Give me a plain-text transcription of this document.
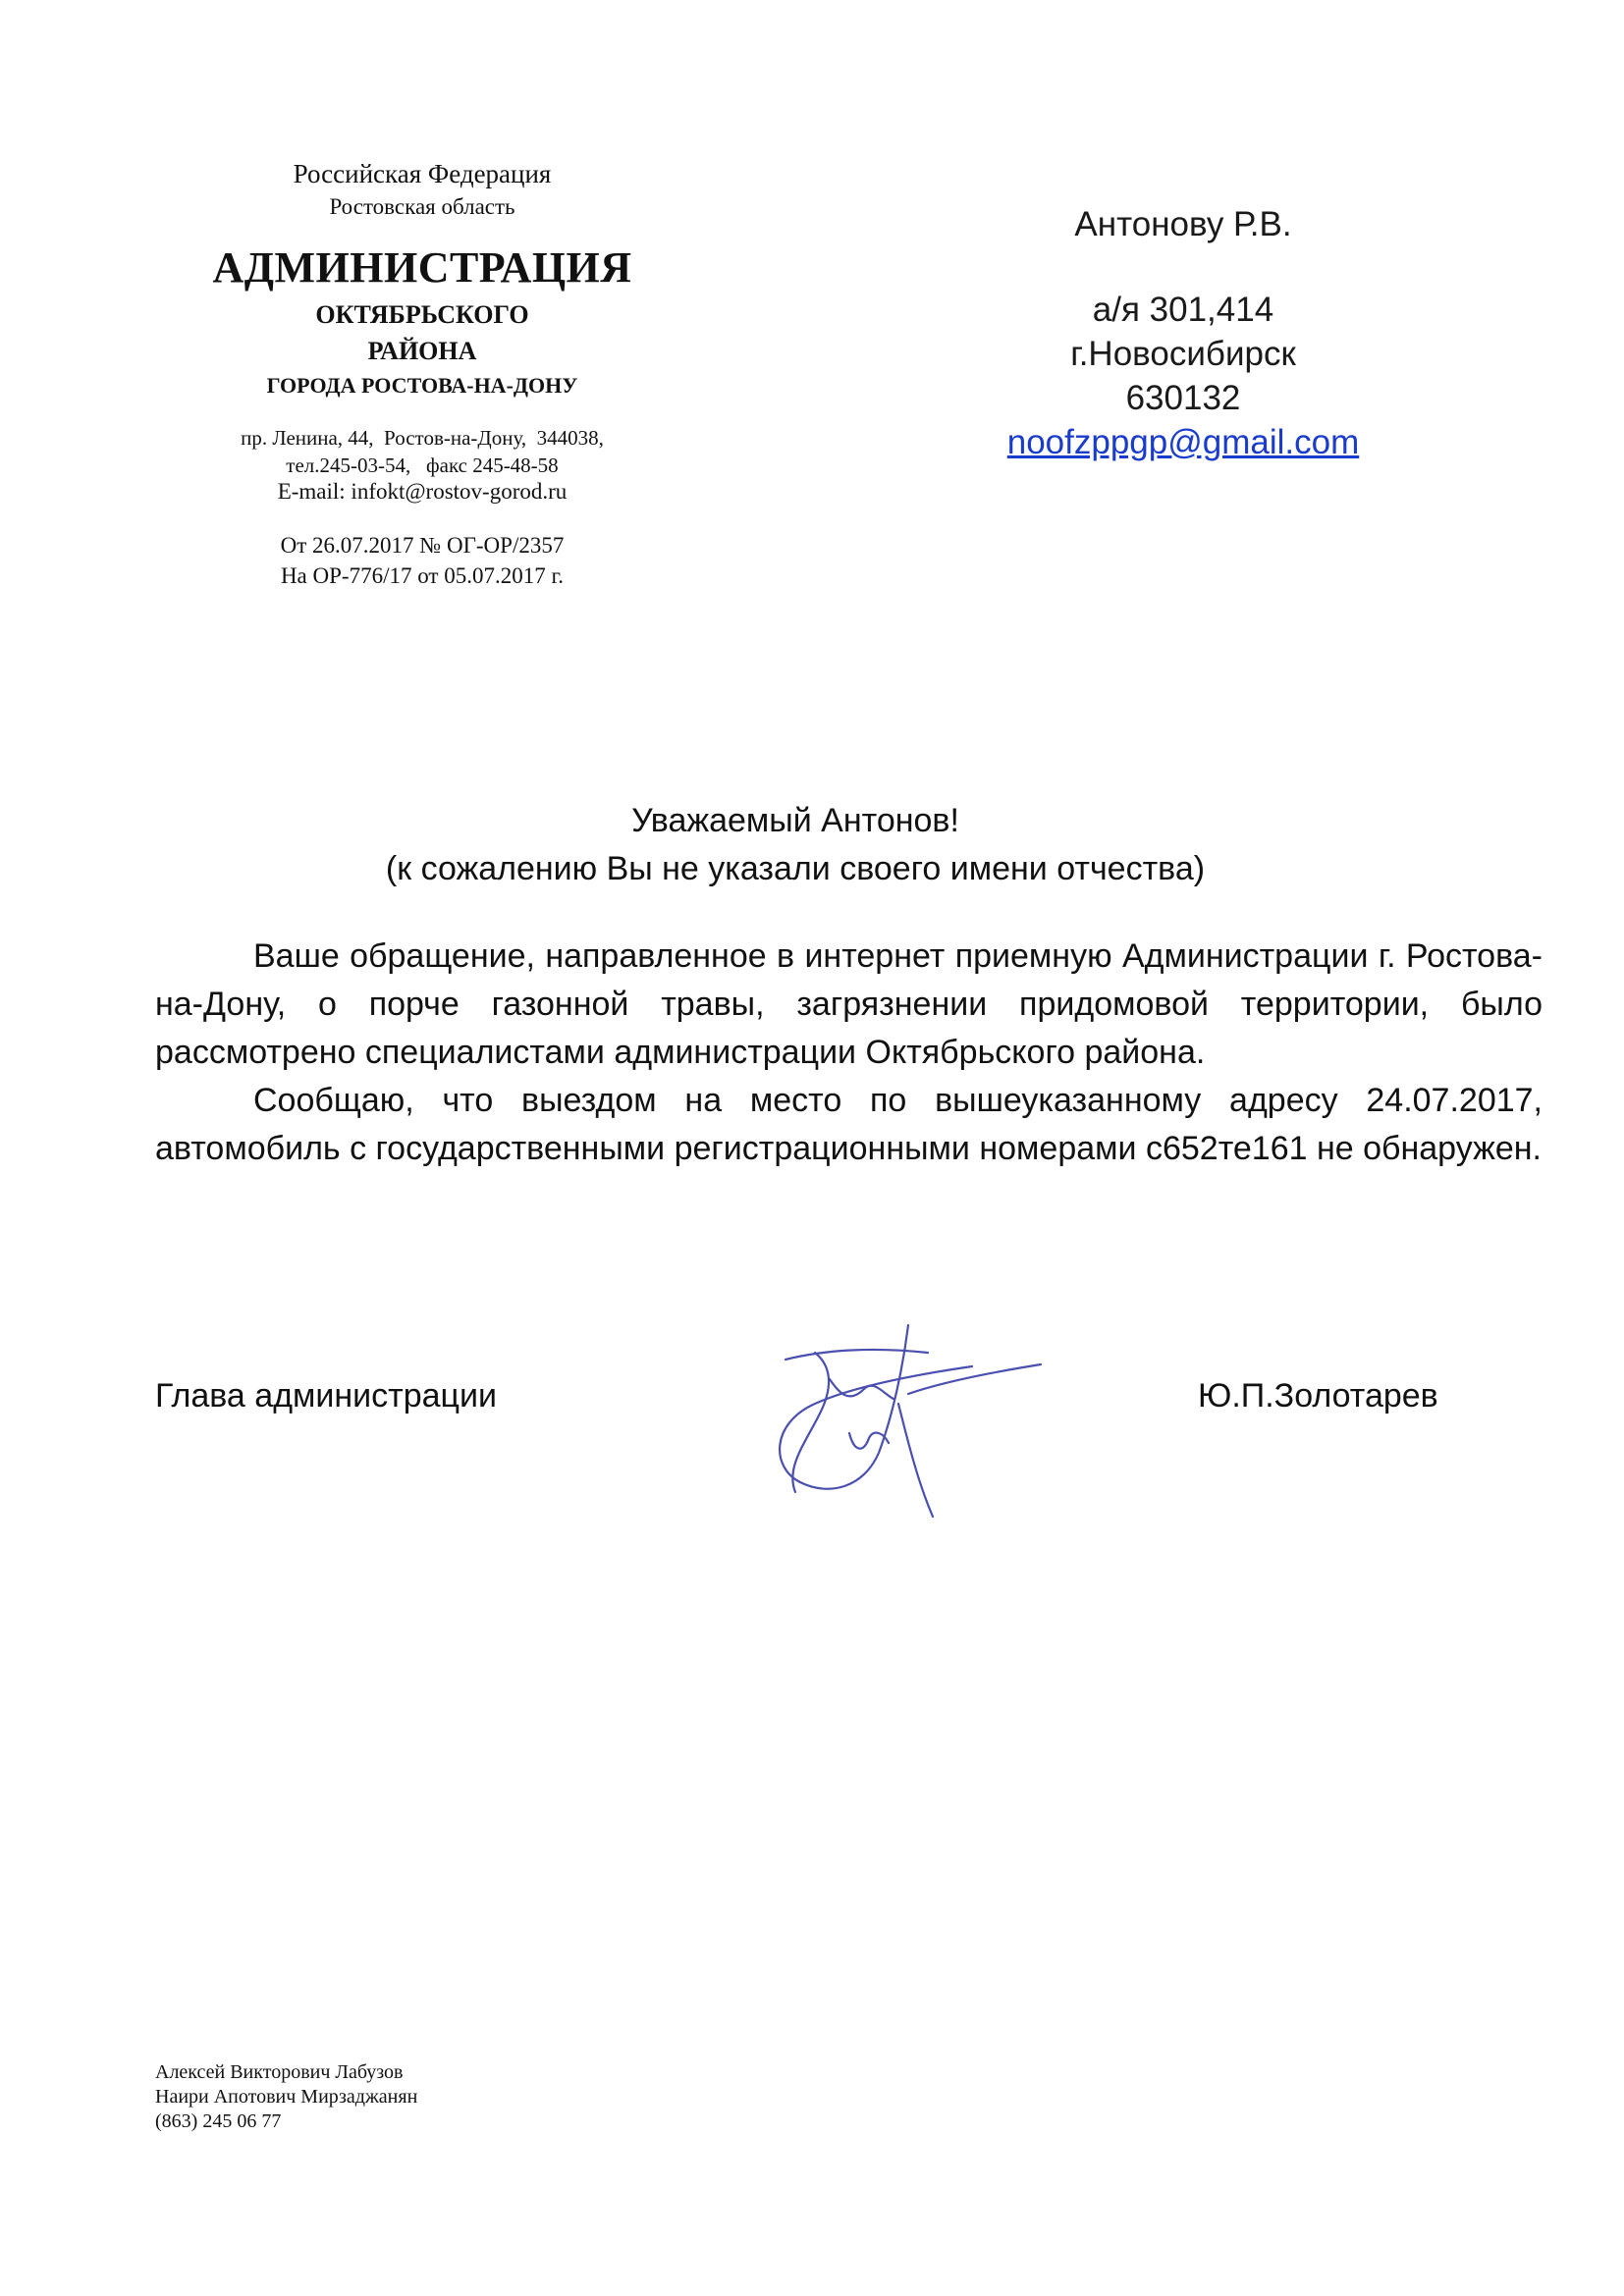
Российская Федерация
Ростовская область
АДМИНИСТРАЦИЯ
ОКТЯБРЬСКОГО
РАЙОНА
ГОРОДА РОСТОВА-НА-ДОНУ
пр. Ленина, 44,  Ростов-на-Дону,  344038,
тел.245-03-54,   факс 245-48-58
E-mail: infokt@rostov-gorod.ru
От 26.07.2017 № ОГ-ОР/2357
На ОР-776/17 от 05.07.2017 г.
Антонову Р.В.
а/я 301,414
г.Новосибирск
630132
noofzppgp@gmail.com
Уважаемый Антонов!
(к сожалению Вы не указали своего имени отчества)

Ваше обращение, направленное в интернет приемную Администрации г. Ростова-на-Дону, о порче газонной травы, загрязнении придомовой территории, было рассмотрено специалистами администрации Октябрьского района.

Сообщаю, что выездом на место по вышеуказанному адресу 24.07.2017, автомобиль с государственными регистрационными номерами с652те161 не обнаружен.

Глава администрации	Ю.П.Золотарев
Алексей Викторович Лабузов
Наири Апотович Мирзаджанян
(863) 245 06 77
